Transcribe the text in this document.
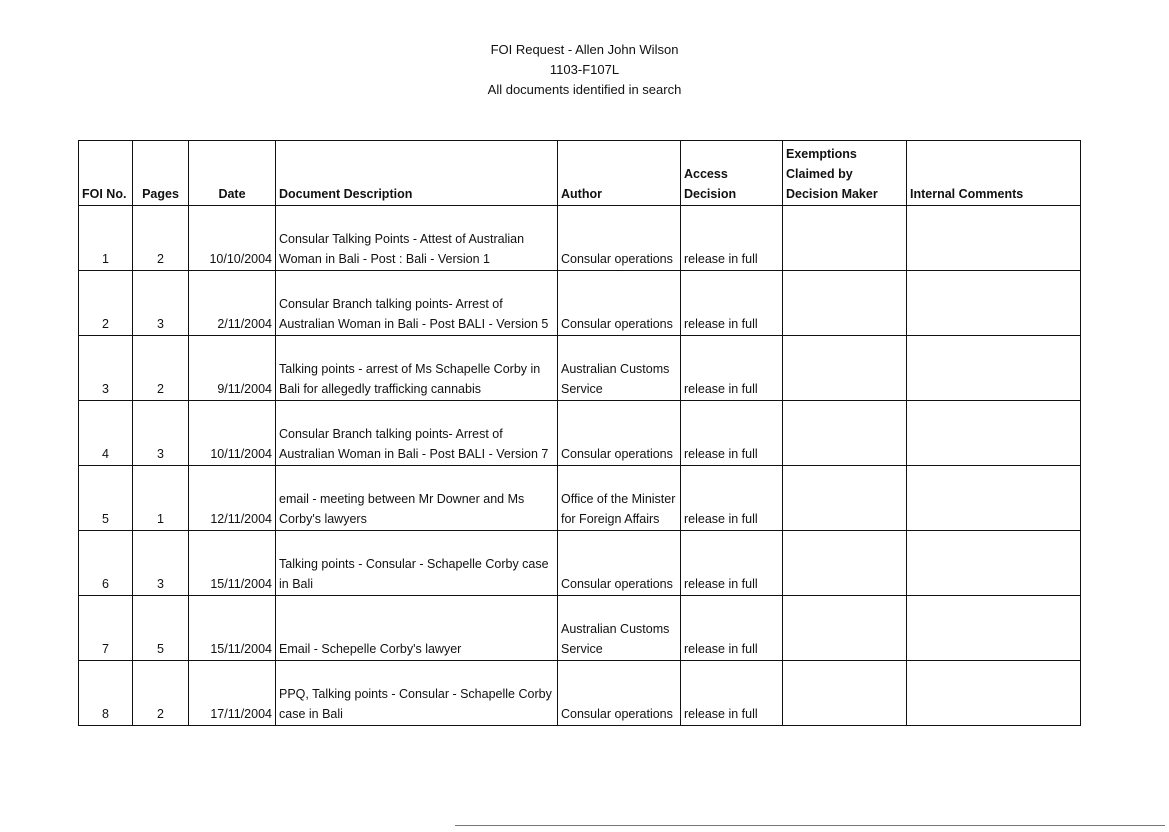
FOI Request - Allen John Wilson
1103-F107L
All documents identified in search
FOI No.	Pages	Date	Document Description	Author	Access Decision	Exemptions Claimed by Decision Maker	Internal Comments
1	2	10/10/2004	Consular Talking Points - Attest of Australian Woman in Bali - Post : Bali - Version 1	Consular operations	release in full		
2	3	2/11/2004	Consular Branch talking points- Arrest of Australian Woman in Bali - Post BALI - Version 5	Consular operations	release in full		
3	2	9/11/2004	Talking points - arrest of Ms Schapelle Corby in Bali for allegedly trafficking cannabis	Australian Customs Service	release in full		
4	3	10/11/2004	Consular Branch talking points- Arrest of Australian Woman in Bali - Post BALI - Version 7	Consular operations	release in full		
5	1	12/11/2004	email - meeting between Mr Downer and Ms Corby's lawyers	Office of the Minister for Foreign Affairs	release in full		
6	3	15/11/2004	Talking points - Consular - Schapelle Corby case in Bali	Consular operations	release in full		
7	5	15/11/2004	Email - Schepelle Corby's lawyer	Australian Customs Service	release in full		
8	2	17/11/2004	PPQ, Talking points - Consular - Schapelle Corby case in Bali	Consular operations	release in full		
